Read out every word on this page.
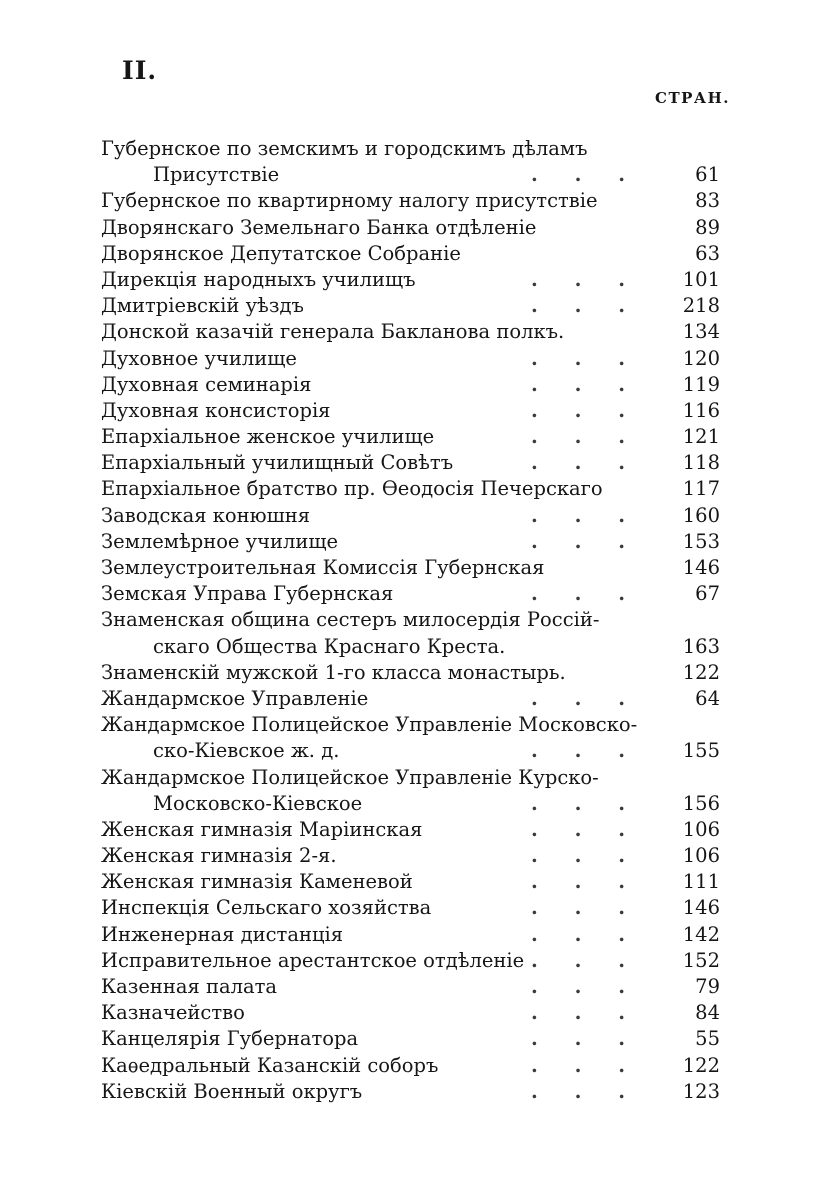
II.
СТРАН.
Губернское по земскимъ и городскимъ дѣламъ
Присутствіе	. . .	61
Губернское по квартирному налогу присутствіе	83
Дворянскаго Земельнаго Банка отдѣленіе	89
Дворянское Депутатское Собраніе	63
Дирекція народныхъ училищъ	. . . 101
Дмитріевскій уѣздъ	. . . 218
Донской казачій генерала Бакланова полкъ.	134
Духовное училище	. . . 120
Духовная семинарія	. . . 119
Духовная консисторія	. . . 116
Епархіальное женское училище	. . . 121
Епархіальный училищный Совѣтъ	. . . 118
Епархіальное братство пр. Ѳеодосія Печерскаго	117
Заводская конюшня	. . . 160
Землемѣрное училище	. . . 153
Землеустроительная Комиссія Губернская	146
Земская Управа Губернская	. . .	67
Знаменская община сестеръ милосердія Россій-
скаго Общества Краснаго Креста.	163
Знаменскій мужской 1-го класса монастырь.	122
Жандармское Управленіе	. . .	64
Жандармское Полицейское Управленіе Московско-
ско-Кіевское ж. д.	. . . 155
Жандармское Полицейское Управленіе Курско-
Московско-Кіевское	. . . 156
Женская гимназія Маріинская	. . . 106
Женская гимназія 2-я.	. . . 106
Женская гимназія Каменевой	. . . 111
Инспекція Сельскаго хозяйства	. . . 146
Инженерная дистанція	. . . 142
Исправительное арестантское отдѣленіе . . . 152
Казенная палата	. . .	79
Казначейство	. . .	84
Канцелярія Губернатора	. . .	55
Каѳедральный Казанскій соборъ	. . . 122
Кіевскій Военный округъ	. . . 123
